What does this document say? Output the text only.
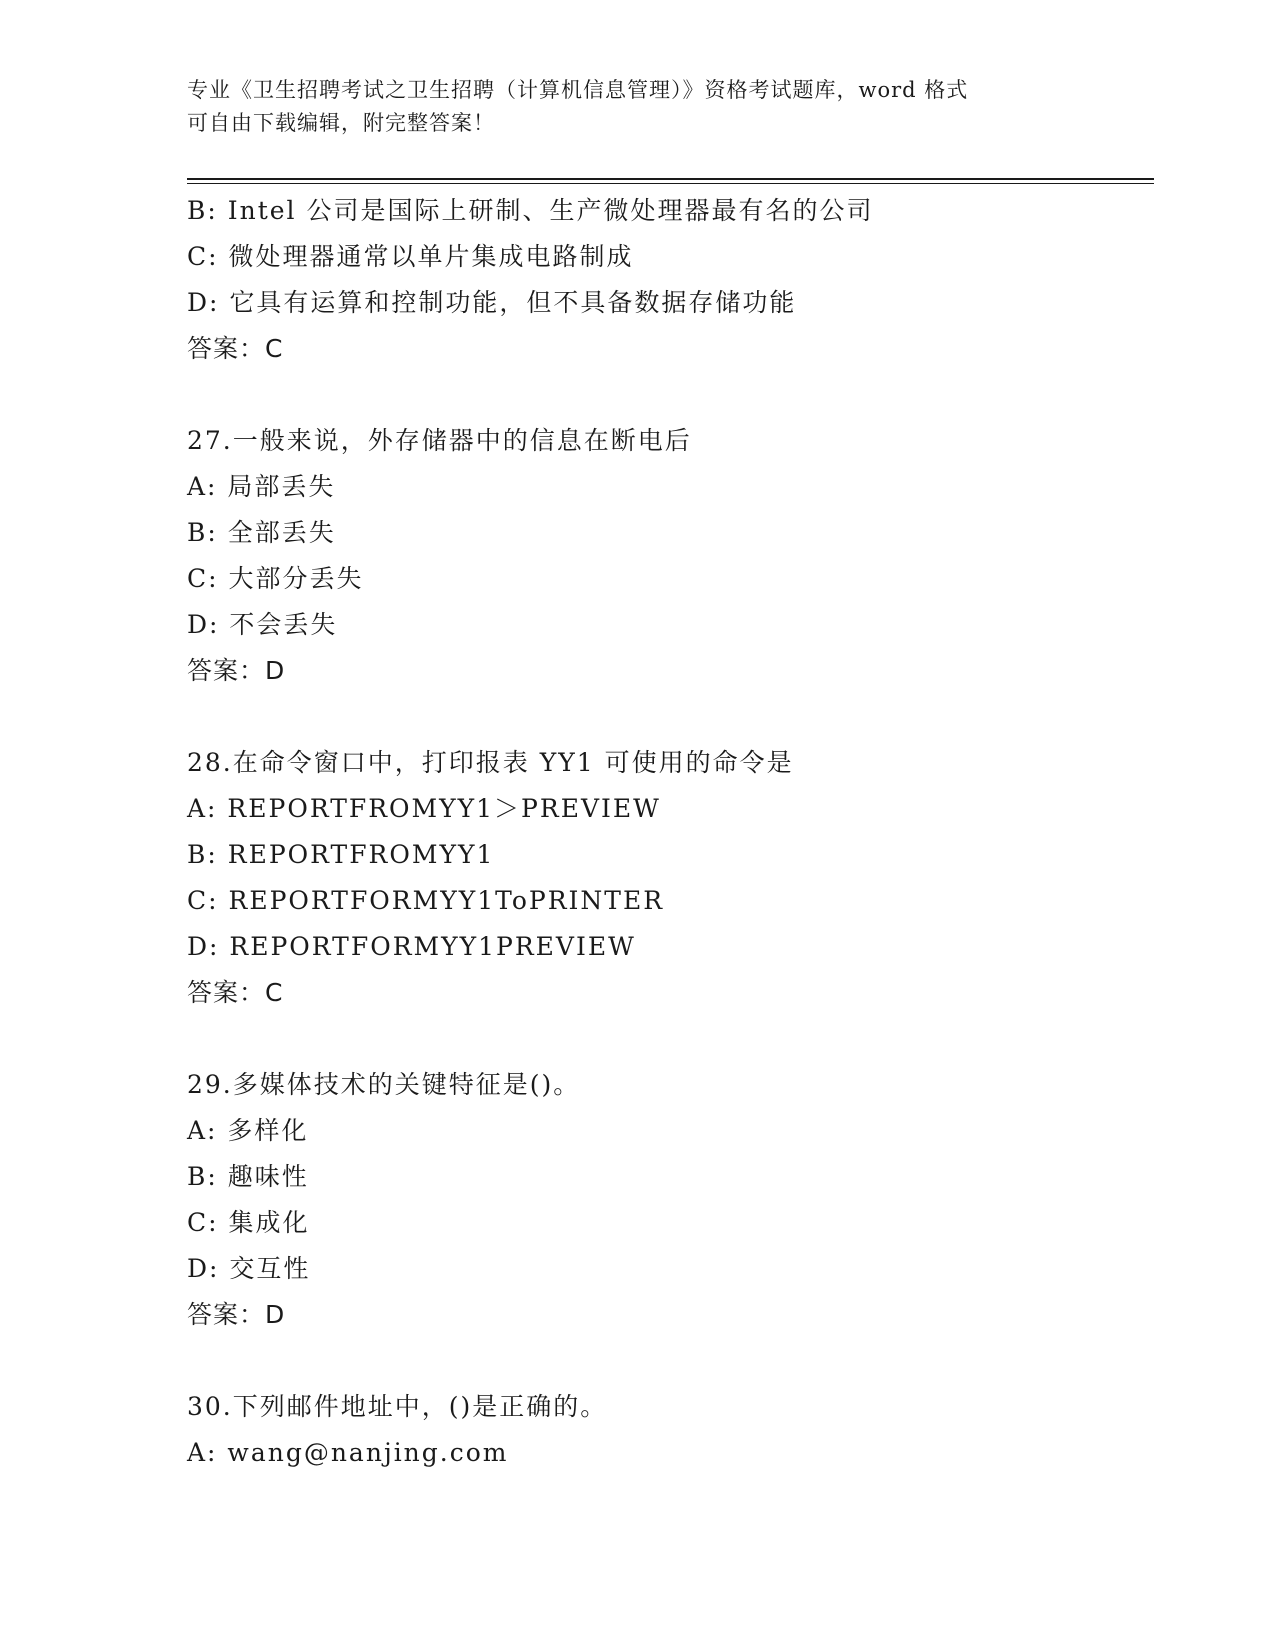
专业《卫生招聘考试之卫生招聘（计算机信息管理）》资格考试题库，word 格式
可自由下载编辑，附完整答案！
B: Intel 公司是国际上研制、生产微处理器最有名的公司
C: 微处理器通常以单片集成电路制成
D: 它具有运算和控制功能，但不具备数据存储功能
答案：C
27.一般来说，外存储器中的信息在断电后
A: 局部丢失
B: 全部丢失
C: 大部分丢失
D: 不会丢失
答案：D
28.在命令窗口中，打印报表 YY1 可使用的命令是
A: REPORTFROMYY1＞PREVIEW
B: REPORTFROMYY1
C: REPORTFORMYY1ToPRINTER
D: REPORTFORMYY1PREVIEW
答案：C
29.多媒体技术的关键特征是()。
A: 多样化
B: 趣味性
C: 集成化
D: 交互性
答案：D
30.下列邮件地址中，()是正确的。
A: wang@nanjing.com
